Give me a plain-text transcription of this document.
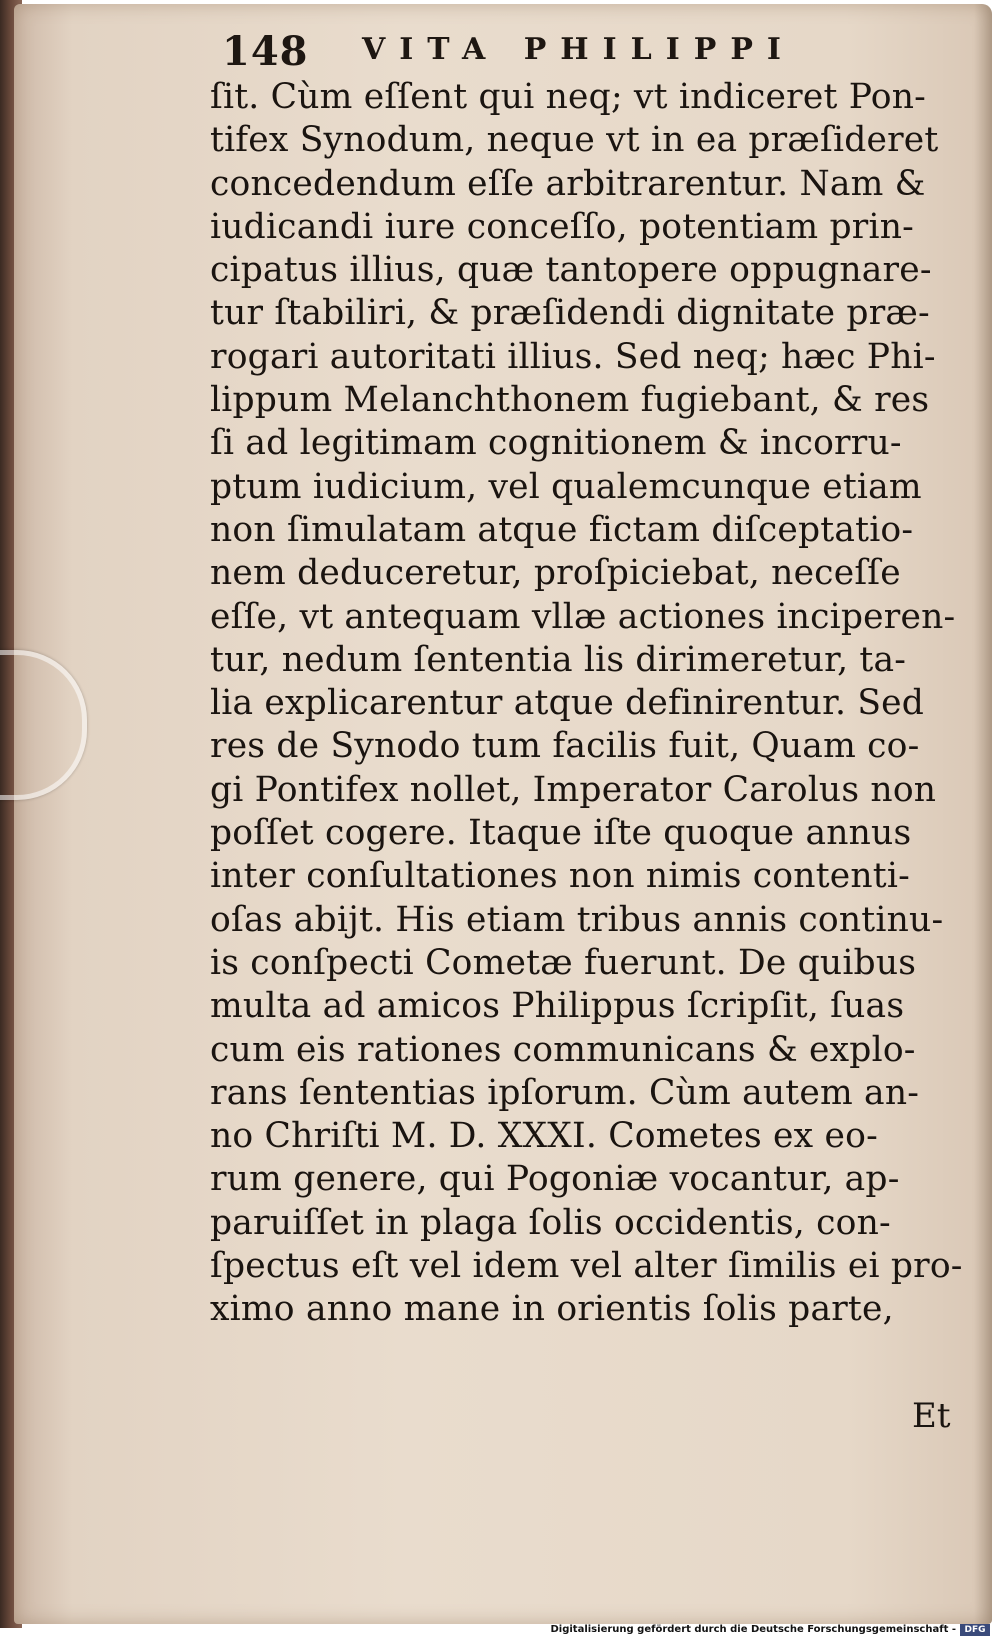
148 VITA PHILIPPI
ſit. Cùm eſſent qui neq; vt indiceret Pon-
tifex Synodum, neque vt in ea præſideret
concedendum eſſe arbitrarentur. Nam &
iudicandi iure conceſſo, potentiam prin-
cipatus illius, quæ tantopere oppugnare-
tur ſtabiliri, & præſidendi dignitate præ-
rogari autoritati illius. Sed neq; hæc Phi-
lippum Melanchthonem fugiebant, & res
ſi ad legitimam cognitionem & incorru-
ptum iudicium, vel qualemcunque etiam
non ſimulatam atque fictam diſceptatio-
nem deduceretur, proſpiciebat, neceſſe
eſſe, vt antequam vllæ actiones inciperen-
tur, nedum ſententia lis dirimeretur, ta-
lia explicarentur atque definirentur. Sed
res de Synodo tum facilis fuit, Quam co-
gi Pontifex nollet, Imperator Carolus non
poſſet cogere. Itaque iſte quoque annus
inter conſultationes non nimis contenti-
oſas abijt. His etiam tribus annis continu-
is conſpecti Cometæ fuerunt. De quibus
multa ad amicos Philippus ſcripſit, ſuas
cum eis rationes communicans & explo-
rans ſententias ipſorum. Cùm autem an-
no Chriſti M. D. XXXI. Cometes ex eo-
rum genere, qui Pogoniæ vocantur, ap-
paruiſſet in plaga ſolis occidentis, con-
ſpectus eſt vel idem vel alter ſimilis ei pro-
ximo anno mane in orientis ſolis parte,
Et
Digitalisierung gefördert durch die Deutsche Forschungsgemeinschaft - DFG
